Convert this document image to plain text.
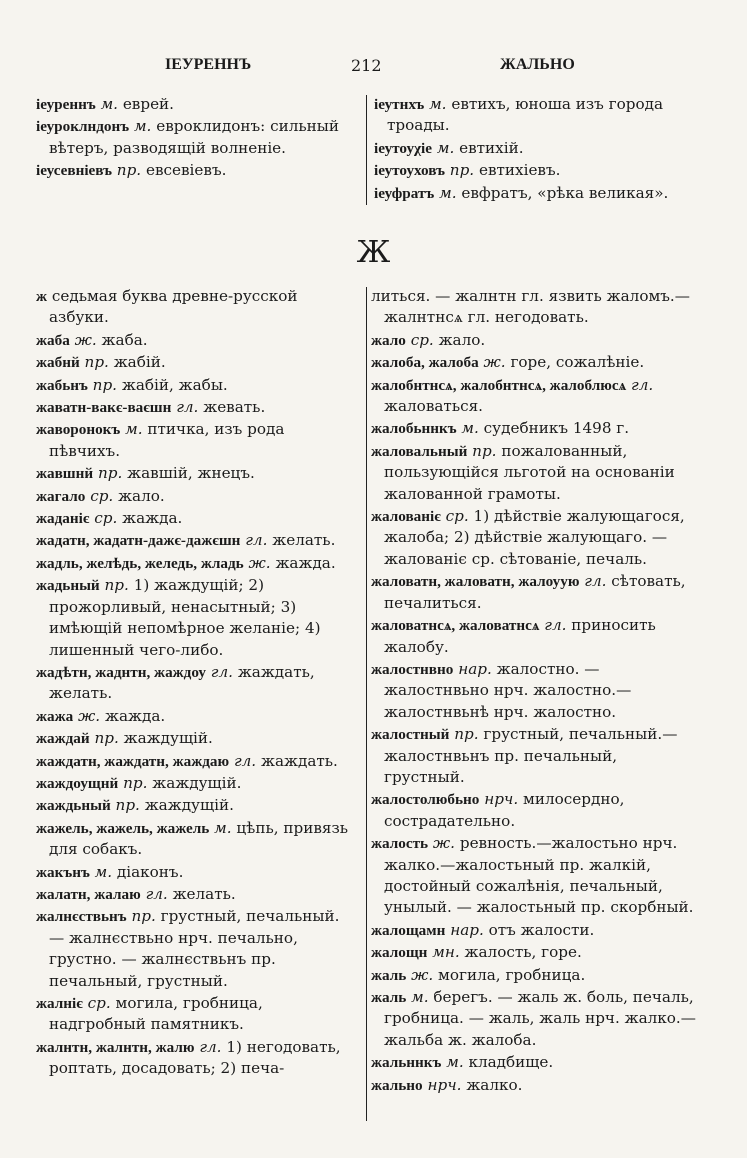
ІЕУРЕННЪ	212	ЖАЛЬНО
іеуреннъ м. еврей.
іеуроклндонъ м. евроклидонъ: сильный вѣтеръ, разводящій волненіе.
іеусевніевъ пр. евсевіевъ.
іеутнхъ м. евтихъ, юноша изъ города троады.
іеутоуχіе м. евтихій.
іеутоуховъ пр. евтихіевъ.
іеуфратъ м. евфратъ, «рѣка великая».
Ж
ж седьмая буква древне-русской азбуки.
жаба ж. жаба.
жабнй пр. жабій.
жабьнъ пр. жабій, жабы.
жаватн-вакє-ваєшн гл. жевать.
жаворонокъ м. птичка, изъ рода пѣвчихъ.
жавшнй пр. жавшій, жнецъ.
жагало ср. жало.
жаданіє ср. жажда.
жадатн, жадатн-дажє-дажєшн гл. желать.
жадль, желѣдь, желедь, жладь ж. жажда.
жадьный пр. 1) жаждущій; 2) прожорливый, ненасытный; 3) имѣющій непомѣрное желаніе; 4) лишенный чего-либо.
жадѣтн, жаднтн, жаждоу гл. жаждать, желать.
жажа ж. жажда.
жаждай пр. жаждущій.
жаждатн, жаждатн, жаждаю гл. жаждать.
жаждоущнй пр. жаждущій.
жаждьный пр. жаждущій.
жажель, жажель, жажель м. цѣпь, привязь для собакъ.
жакънъ м. діаконъ.
жалатн, жалаю гл. желать.
жалнєствьнъ пр. грустный, печальный. — жалнєствьно нрч. печально, грустно. — жалнєствьнъ пр. печальный, грустный.
жалніє ср. могила, гробница, надгробный памятникъ.
жалнтн, жалнтн, жалю гл. 1) негодовать, роптать, досадовать; 2) печа-
литься. — жалнтн гл. язвить жаломъ.—жалнтнсѧ гл. негодовать.
жало ср. жало.
жалоба, жалоба ж. горе, сожалѣніе.
жалобнтнсѧ, жалобнтнсѧ, жалоблюсѧ гл. жаловаться.
жалобьннкъ м. судебникъ 1498 г.
жаловальный пр. пожалованный, пользующійся льготой на основаніи жалованной грамоты.
жалованіє ср. 1) дѣйствіе жалующагося, жалоба; 2) дѣйствіе жалующаго. — жалованіє ср. сѣтованіе, печаль.
жаловатн, жаловатн, жалоуую гл. сѣтовать, печалиться.
жаловатнсѧ, жаловатнсѧ гл. приносить жалобу.
жалостнвно нар. жалостно. — жалостнвьно нрч. жалостно.—жалостнвьнѣ нрч. жалостно.
жалостный пр. грустный, печальный.—жалостнвьнъ пр. печальный, грустный.
жалостолюбьно нрч. милосердно, сострадательно.
жалость ж. ревность.—жалостьно нрч. жалко.—жалостьный пр. жалкій, достойный сожалѣнія, печальный, унылый. — жалостьный пр. скорбный.
жалощамн нар. отъ жалости.
жалощн мн. жалость, горе.
жаль ж. могила, гробница.
жаль м. берегъ. — жаль ж. боль, печаль, гробница. — жаль, жаль нрч. жалко.—жальба ж. жалоба.
жальннкъ м. кладбище.
жально нрч. жалко.
